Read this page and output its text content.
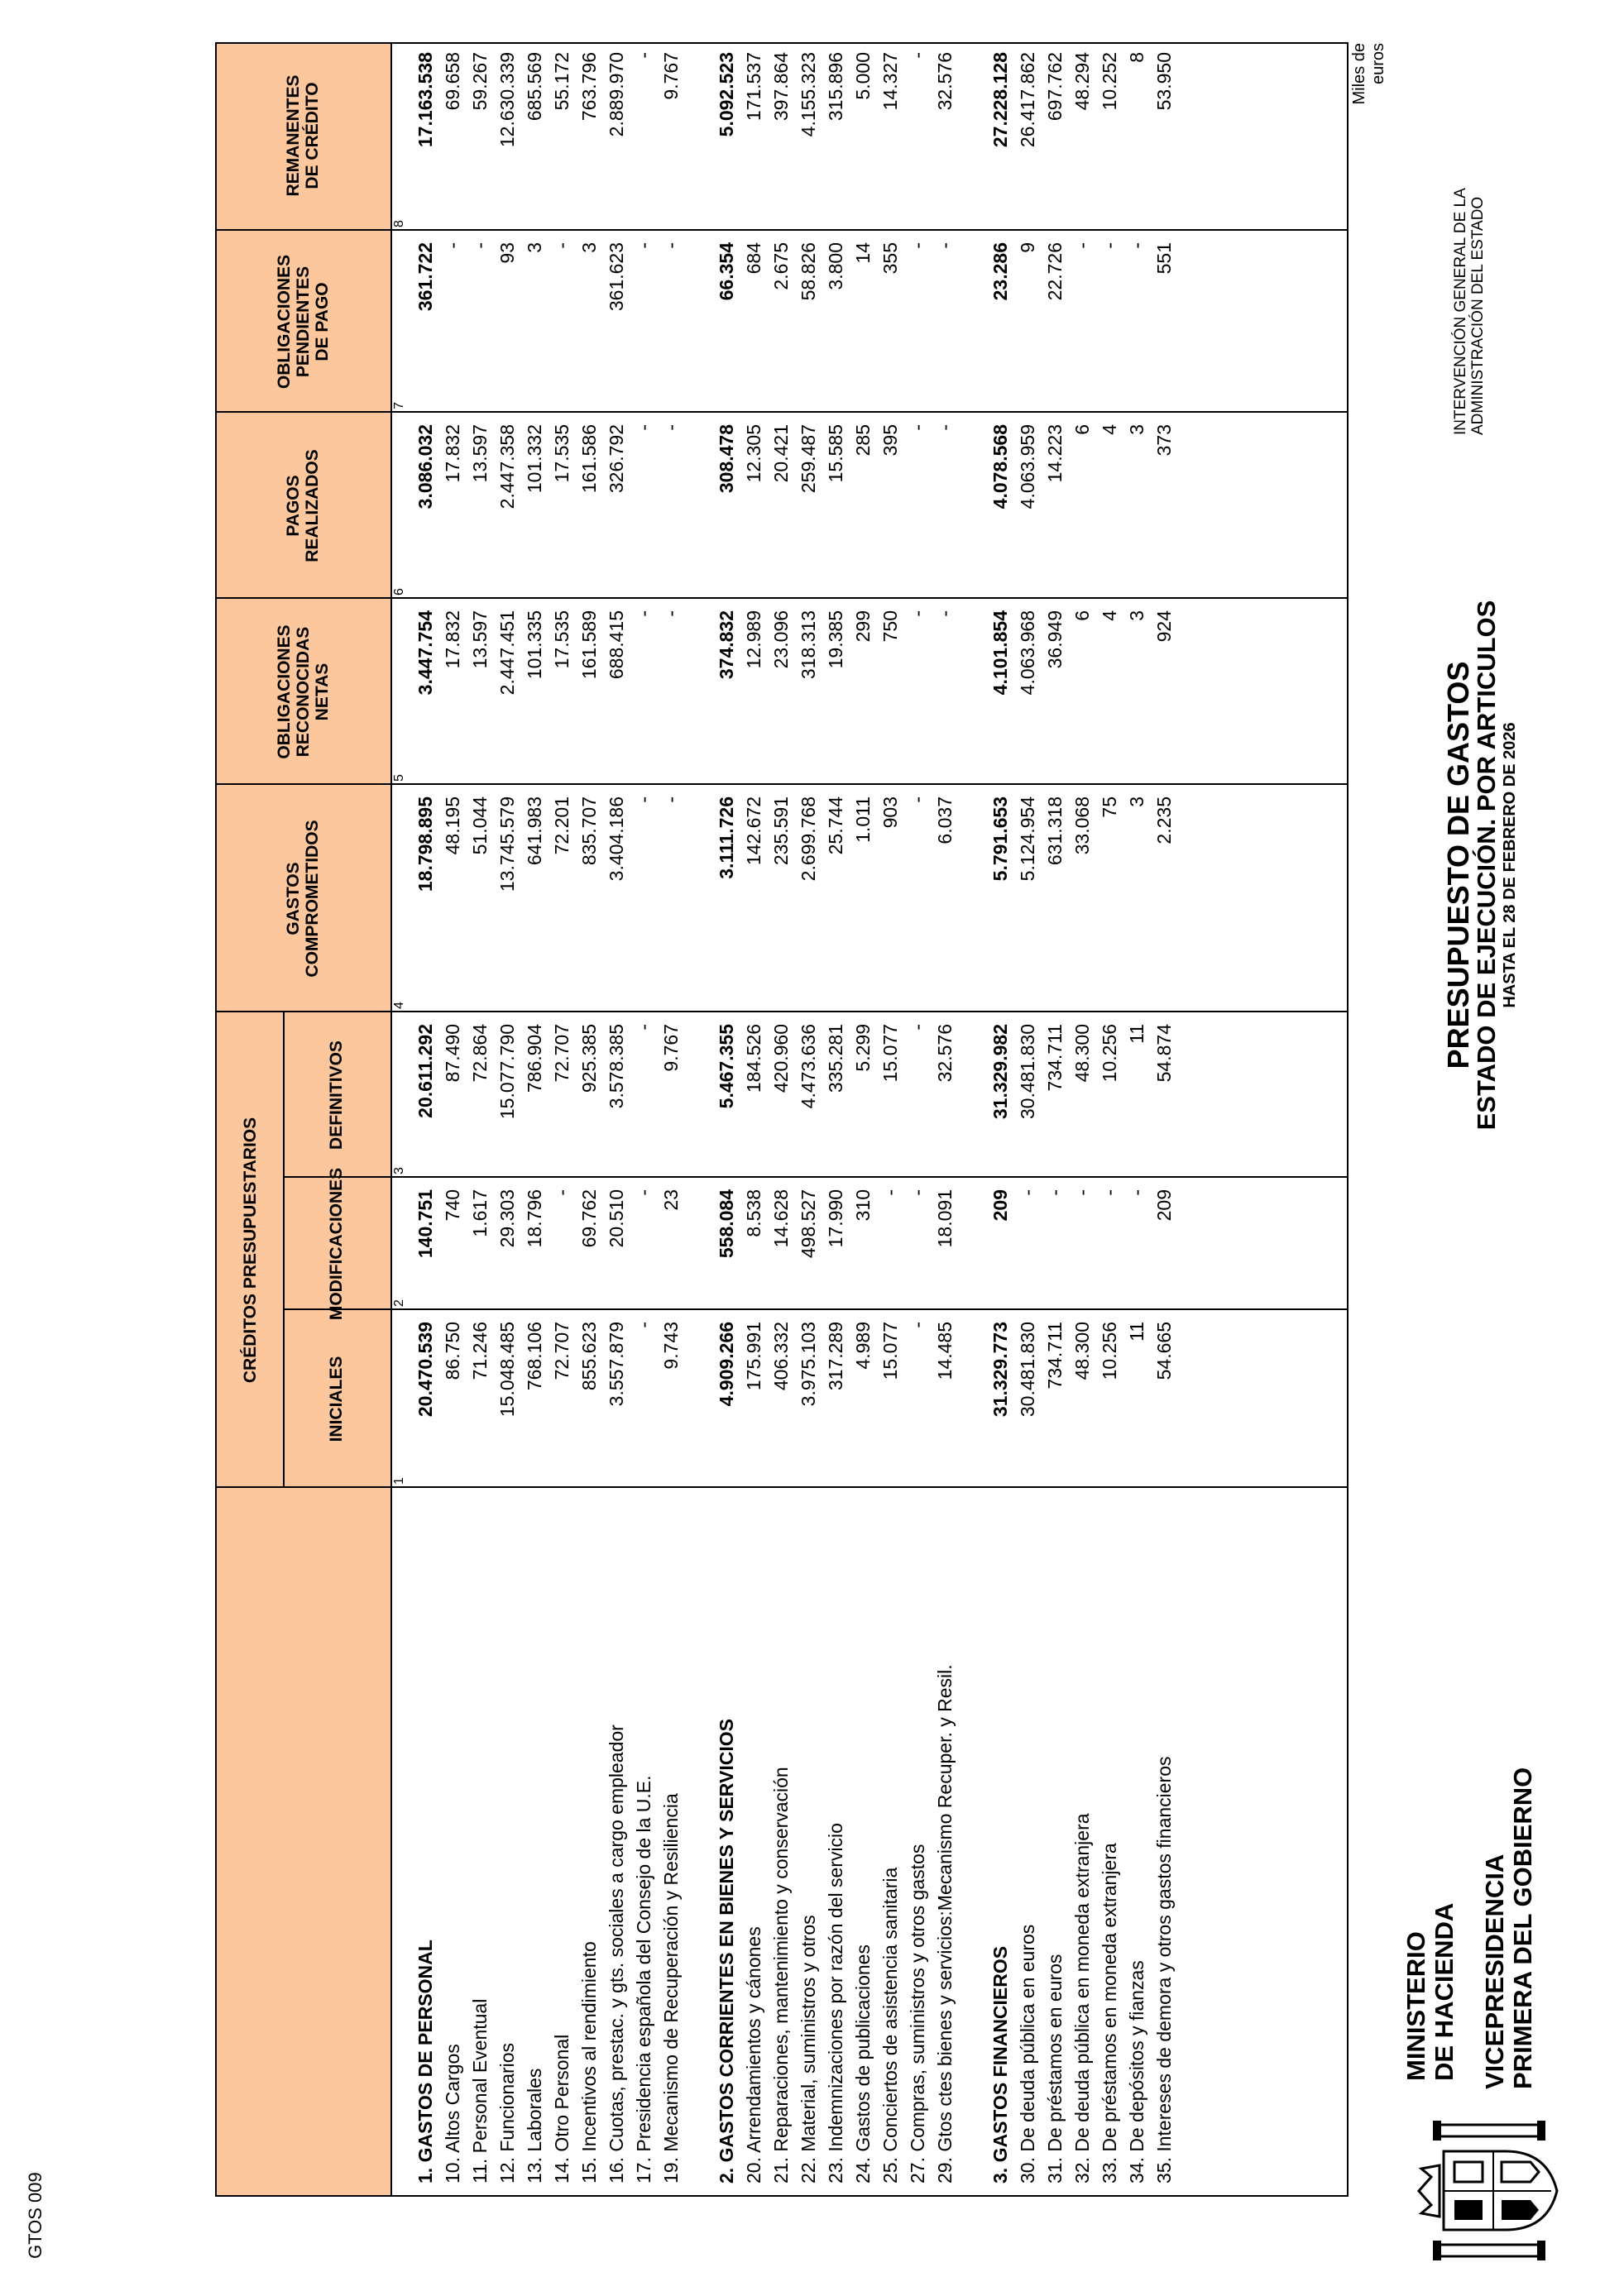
VICEPRESIDENCIA PRIMERA DEL GOBIERNO
MINISTERIO DE HACIENDA
PRESUPUESTO DE GASTOS
ESTADO DE EJECUCIÓN. POR ARTICULOS HASTA EL 28 DE FEBRERO DE 2026
INTERVENCIÓN GENERAL DE LA ADMINISTRACIÓN DEL ESTADO
Miles de euros
GTOS 009
CRÉDITOS PRESUPUESTARIOS
1. GASTOS DE PERSONAL
20.470.539
140.751
20.611.292
18.798.895
3.447.754
3.086.032
361.722
17.163.538
10. Altos Cargos
86.750
740
87.490
48.195
17.832
17.832
-
69.658
11. Personal Eventual
71.246
1.617
72.864
51.044
13.597
13.597
-
59.267
12. Funcionarios
15.048.485
29.303
15.077.790
13.745.579
2.447.451
2.447.358
93
12.630.339
13. Laborales
768.106
18.796
786.904
641.983
101.335
101.332
3
685.569
14. Otro Personal
72.707
-
72.707
72.201
17.535
17.535
-
55.172
15. Incentivos al rendimiento
855.623
69.762
925.385
835.707
161.589
161.586
3
763.796
16. Cuotas, prestac. y gts. sociales a cargo empleador
3.557.879
20.510
3.578.385
3.404.186
688.415
326.792
361.623
2.889.970
17. Presidencia española del Consejo de la U.E.
-
-
-
-
-
-
-
-
19. Mecanismo de Recuperación y Resiliencia
9.743
23
9.767
-
-
-
-
9.767
2. GASTOS CORRIENTES EN BIENES Y SERVICIOS
4.909.266
558.084
5.467.355
3.111.726
374.832
308.478
66.354
5.092.523
20. Arrendamientos y cánones
175.991
8.538
184.526
142.672
12.989
12.305
684
171.537
21. Reparaciones, mantenimiento y conservación
406.332
14.628
420.960
235.591
23.096
20.421
2.675
397.864
22. Material, suministros y otros
3.975.103
498.527
4.473.636
2.699.768
318.313
259.487
58.826
4.155.323
23. Indemnizaciones por razón del servicio
317.289
17.990
335.281
25.744
19.385
15.585
3.800
315.896
24. Gastos de publicaciones
4.989
310
5.299
1.011
299
285
14
5.000
25. Conciertos de asistencia sanitaria
15.077
-
15.077
903
750
395
355
14.327
27. Compras, suministros y otros gastos
-
-
-
-
-
-
-
-
29. Gtos ctes bienes y servicios:Mecanismo Recuper. y Resil.
14.485
18.091
32.576
6.037
-
-
-
32.576
3. GASTOS FINANCIEROS
31.329.773
209
31.329.982
5.791.653
4.101.854
4.078.568
23.286
27.228.128
30. De deuda pública en euros
30.481.830
-
30.481.830
5.124.954
4.063.968
4.063.959
9
26.417.862
31. De préstamos en euros
734.711
-
734.711
631.318
36.949
14.223
22.726
697.762
32. De deuda pública en moneda extranjera
48.300
-
48.300
33.068
6
6
-
48.294
33. De préstamos en moneda extranjera
10.256
-
10.256
75
4
4
-
10.252
34. De depósitos y fianzas
11
-
11
3
3
3
-
8
35. Intereses de demora y otros gastos financieros
54.665
209
54.874
2.235
924
373
551
53.950
INICIALES
1
MODIFICACIONES	2
DEFINITIVOS
3
GASTOS
COMPROMETIDOS
4
OBLIGACIONES
RECONOCIDAS
NETAS
5
PAGOS
REALIZADOS
6
OBLIGACIONES
PENDIENTES
DE PAGO
7
REMANENTES
DE CRÉDITO
8
